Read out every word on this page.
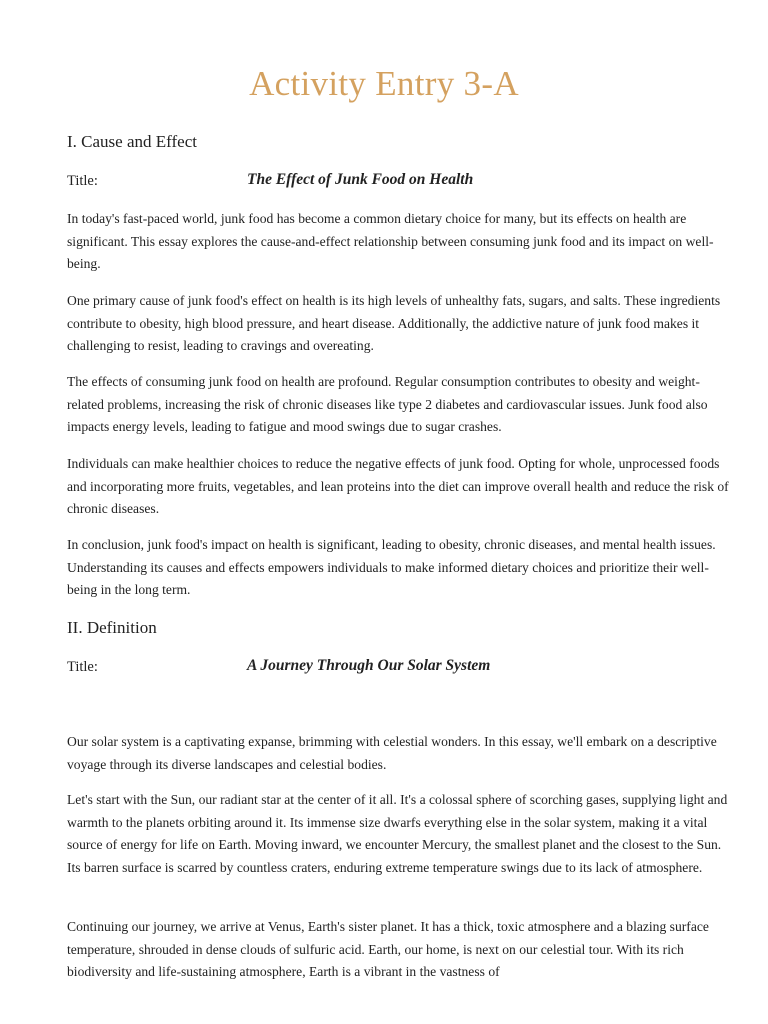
Activity Entry 3-A
I. Cause and Effect
Title:	The Effect of Junk Food on Health

In today's fast-paced world, junk food has become a common dietary choice for many, but its effects on health are significant. This essay explores the cause-and-effect relationship between consuming junk food and its impact on well-being.

One primary cause of junk food's effect on health is its high levels of unhealthy fats, sugars, and salts. These ingredients contribute to obesity, high blood pressure, and heart disease. Additionally, the addictive nature of junk food makes it challenging to resist, leading to cravings and overeating.

The effects of consuming junk food on health are profound. Regular consumption contributes to obesity and weight-related problems, increasing the risk of chronic diseases like type 2 diabetes and cardiovascular issues. Junk food also impacts energy levels, leading to fatigue and mood swings due to sugar crashes.

Individuals can make healthier choices to reduce the negative effects of junk food. Opting for whole, unprocessed foods and incorporating more fruits, vegetables, and lean proteins into the diet can improve overall health and reduce the risk of chronic diseases.

In conclusion, junk food's impact on health is significant, leading to obesity, chronic diseases, and mental health issues. Understanding its causes and effects empowers individuals to make informed dietary choices and prioritize their well-being in the long term.

II. Definition
Title:	A Journey Through Our Solar System

Our solar system is a captivating expanse, brimming with celestial wonders. In this essay, we'll embark on a descriptive voyage through its diverse landscapes and celestial bodies.

Let's start with the Sun, our radiant star at the center of it all. It's a colossal sphere of scorching gases, supplying light and warmth to the planets orbiting around it. Its immense size dwarfs everything else in the solar system, making it a vital source of energy for life on Earth. Moving inward, we encounter Mercury, the smallest planet and the closest to the Sun. Its barren surface is scarred by countless craters, enduring extreme temperature swings due to its lack of atmosphere.

Continuing our journey, we arrive at Venus, Earth's sister planet. It has a thick, toxic atmosphere and a blazing surface temperature, shrouded in dense clouds of sulfuric acid. Earth, our home, is next on our celestial tour. With its rich biodiversity and life-sustaining atmosphere, Earth is a vibrant in the vastness of
